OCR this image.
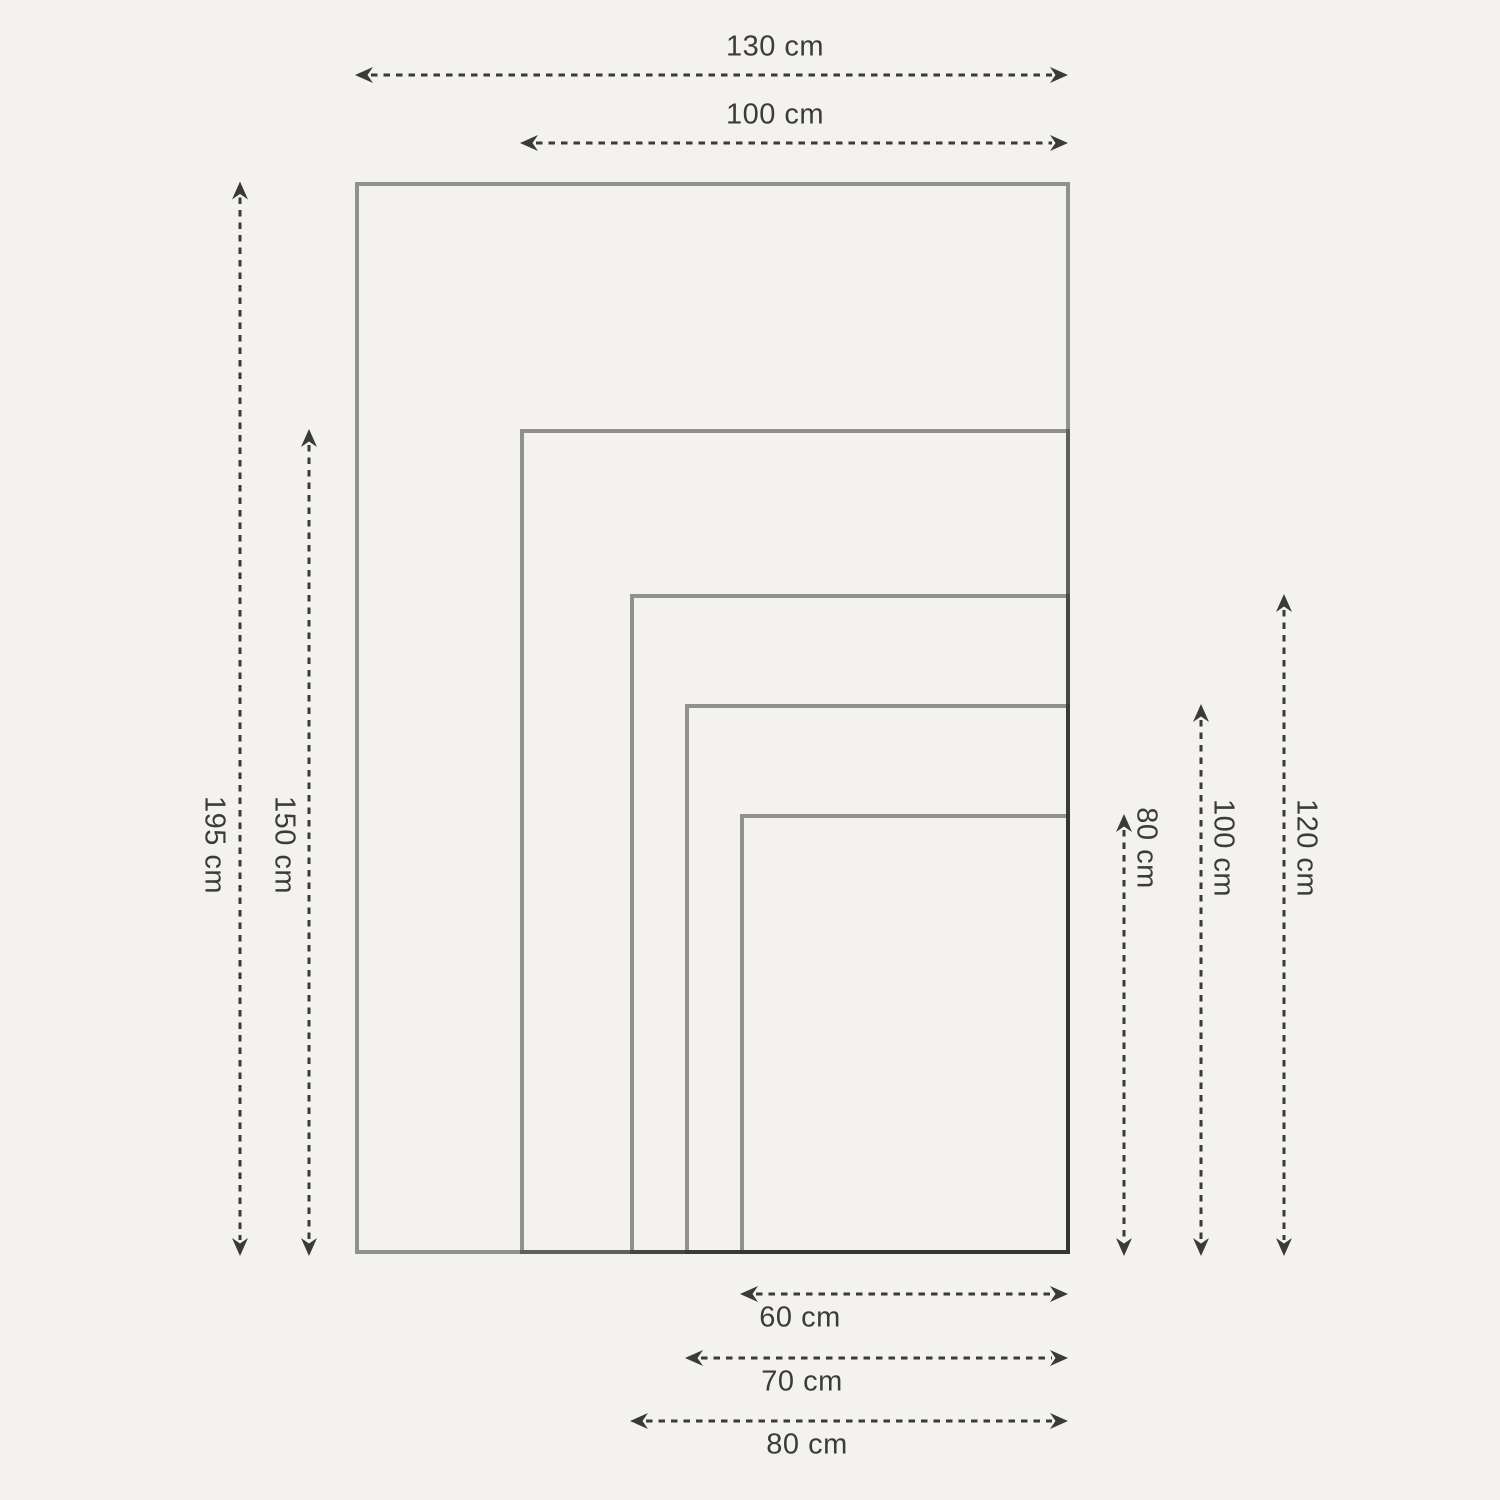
130 cm
100 cm
195 cm 150 cm	80 cm 100 cm 120 cm
60 cm
70 cm
80 cm
